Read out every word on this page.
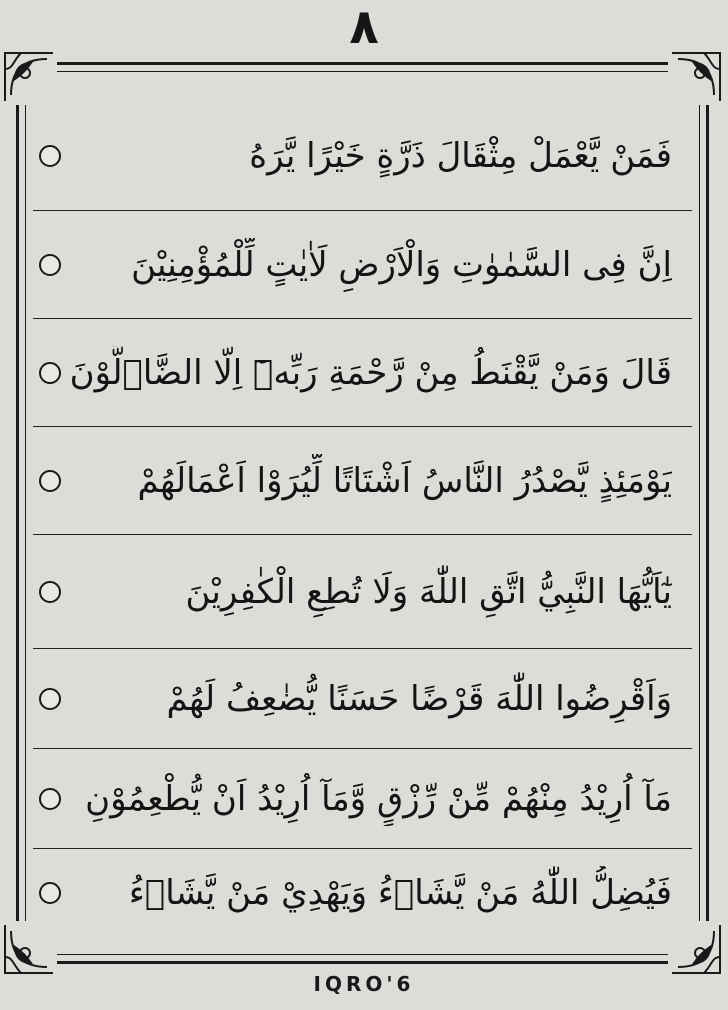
٨
فَمَنْ يَّعْمَلْ مِثْقَالَ ذَرَّةٍ خَيْرًا يَّرَهُ
اِنَّ فِى السَّمٰوٰتِ وَالْاَرْضِ لَاٰيٰتٍ لِّلْمُؤْمِنِيْنَ
قَالَ وَمَنْ يَّقْنَطُ مِنْ رَّحْمَةِ رَبِّهٖٓ اِلَّا الضَّاۤلُّوْنَ
يَوْمَئِذٍ يَّصْدُرُ النَّاسُ اَشْتَاتًا لِّيُرَوْا اَعْمَالَهُمْ
يٰٓاَيُّهَا النَّبِيُّ اتَّقِ اللّٰهَ وَلَا تُطِعِ الْكٰفِرِيْنَ
وَاَقْرِضُوا اللّٰهَ قَرْضًا حَسَنًا يُّضٰعِفُ لَهُمْ
مَآ اُرِيْدُ مِنْهُمْ مِّنْ رِّزْقٍ وَّمَآ اُرِيْدُ اَنْ يُّطْعِمُوْنِ
فَيُضِلُّ اللّٰهُ مَنْ يَّشَاۤءُ وَيَهْدِيْ مَنْ يَّشَاۤءُ
IQRO'6
